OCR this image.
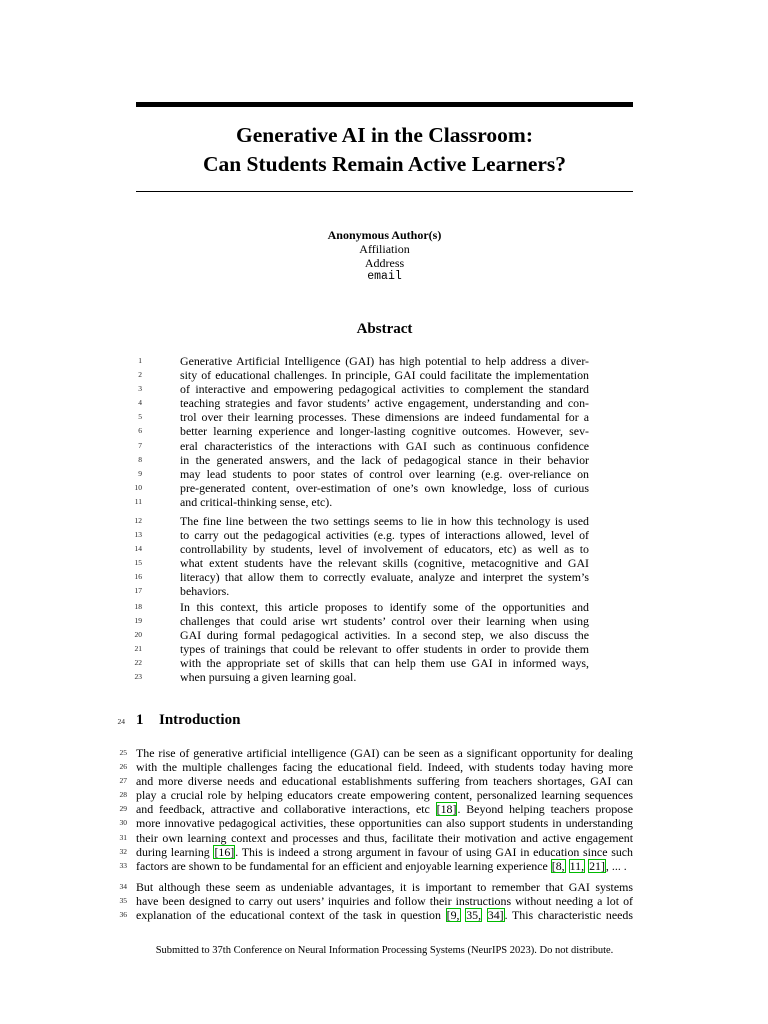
Generative AI in the Classroom:
Can Students Remain Active Learners?
Anonymous Author(s)
Affiliation
Address
email
Abstract
1	Generative Artificial Intelligence (GAI) has high potential to help address a diver-
2	sity of educational challenges. In principle, GAI could facilitate the implementation
3	of interactive and empowering pedagogical activities to complement the standard
4	teaching strategies and favor students’ active engagement, understanding and con-
5	trol over their learning processes. These dimensions are indeed fundamental for a
6	better learning experience and longer-lasting cognitive outcomes. However, sev-
7	eral characteristics of the interactions with GAI such as continuous confidence
8	in the generated answers, and the lack of pedagogical stance in their behavior
9	may lead students to poor states of control over learning (e.g. over-reliance on
10	pre-generated content, over-estimation of one’s own knowledge, loss of curious
11	and critical-thinking sense, etc).
12	The fine line between the two settings seems to lie in how this technology is used
13	to carry out the pedagogical activities (e.g. types of interactions allowed, level of
14	controllability by students, level of involvement of educators, etc) as well as to
15	what extent students have the relevant skills (cognitive, metacognitive and GAI
16	literacy) that allow them to correctly evaluate, analyze and interpret the system’s
17	behaviors.
18	In this context, this article proposes to identify some of the opportunities and
19	challenges that could arise wrt students’ control over their learning when using
20	GAI during formal pedagogical activities. In a second step, we also discuss the
21	types of trainings that could be relevant to offer students in order to provide them
22	with the appropriate set of skills that can help them use GAI in informed ways,
23	when pursuing a given learning goal.
24 1 Introduction
25 The rise of generative artificial intelligence (GAI) can be seen as a significant opportunity for dealing
26 with the multiple challenges facing the educational field. Indeed, with students today having more
27 and more diverse needs and educational establishments suffering from teachers shortages, GAI can
28 play a crucial role by helping educators create empowering content, personalized learning sequences
29 and feedback, attractive and collaborative interactions, etc [18]. Beyond helping teachers propose
30 more innovative pedagogical activities, these opportunities can also support students in understanding
31 their own learning context and processes and thus, facilitate their motivation and active engagement
32 during learning [16]. This is indeed a strong argument in favour of using GAI in education since such
33 factors are shown to be fundamental for an efficient and enjoyable learning experience [8, 11, 21], ... .
34 But although these seem as undeniable advantages, it is important to remember that GAI systems
35 have been designed to carry out users’ inquiries and follow their instructions without needing a lot of
36 explanation of the educational context of the task in question [9, 35, 34]. This characteristic needs
Submitted to 37th Conference on Neural Information Processing Systems (NeurIPS 2023). Do not distribute.
